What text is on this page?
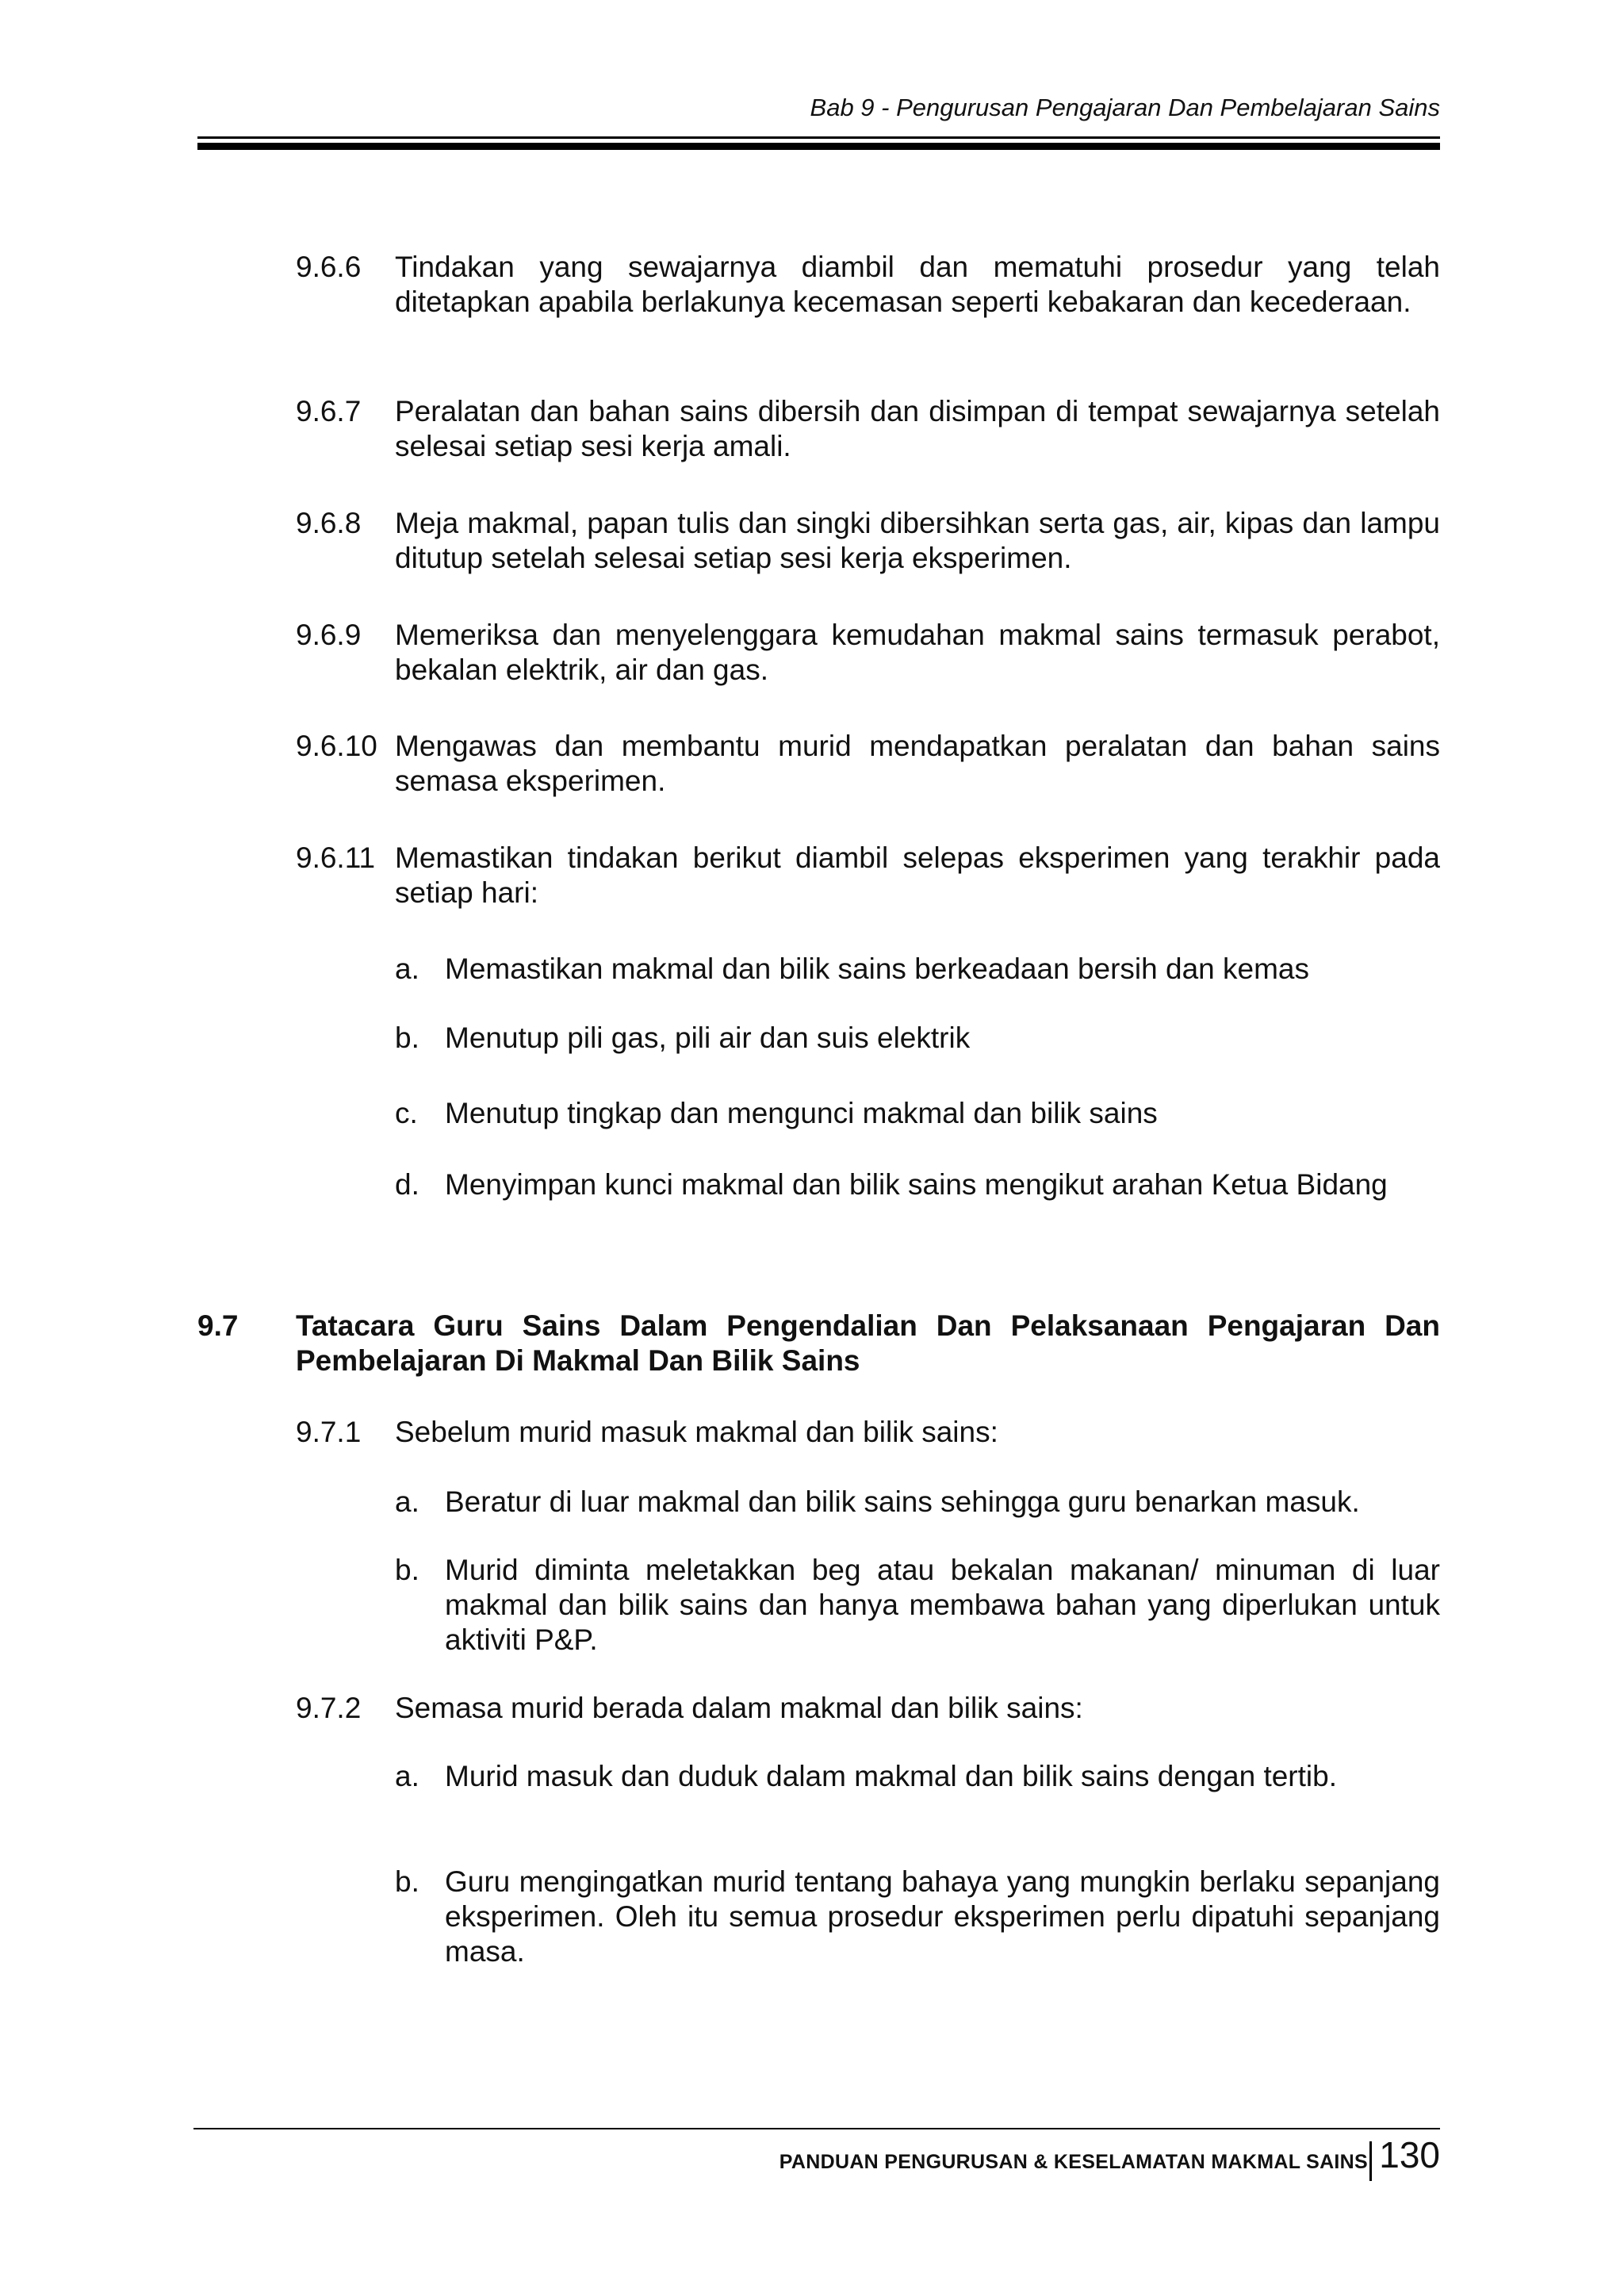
Bab 9 - Pengurusan Pengajaran Dan Pembelajaran Sains
9.6.6 Tindakan yang sewajarnya diambil dan mematuhi prosedur yang telah ditetapkan apabila berlakunya kecemasan seperti kebakaran dan kecederaan.
9.6.7 Peralatan dan bahan sains dibersih dan disimpan di tempat sewajarnya setelah selesai setiap sesi kerja amali.
9.6.8 Meja makmal, papan tulis dan singki dibersihkan serta gas, air, kipas dan lampu ditutup setelah selesai setiap sesi kerja eksperimen.
9.6.9 Memeriksa dan menyelenggara kemudahan makmal sains termasuk perabot, bekalan elektrik, air dan gas.
9.6.10 Mengawas dan membantu murid mendapatkan peralatan dan bahan sains semasa eksperimen.
9.6.11 Memastikan tindakan berikut diambil selepas eksperimen yang terakhir pada setiap hari:
a. Memastikan makmal dan bilik sains berkeadaan bersih dan kemas
b. Menutup pili gas, pili air dan suis elektrik
c. Menutup tingkap dan mengunci makmal dan bilik sains
d. Menyimpan kunci makmal dan bilik sains mengikut arahan Ketua Bidang
9.7 Tatacara Guru Sains Dalam Pengendalian Dan Pelaksanaan Pengajaran Dan Pembelajaran Di Makmal Dan Bilik Sains
9.7.1 Sebelum murid masuk makmal dan bilik sains:
a. Beratur di luar makmal dan bilik sains sehingga guru benarkan masuk.
b. Murid diminta meletakkan beg atau bekalan makanan/ minuman di luar makmal dan bilik sains dan hanya membawa bahan yang diperlukan untuk aktiviti P&P.
9.7.2 Semasa murid berada dalam makmal dan bilik sains:
a. Murid masuk dan duduk dalam makmal dan bilik sains dengan tertib.
b. Guru mengingatkan murid tentang bahaya yang mungkin berlaku sepanjang eksperimen. Oleh itu semua prosedur eksperimen perlu dipatuhi sepanjang masa.
PANDUAN PENGURUSAN & KESELAMATAN MAKMAL SAINS 130
